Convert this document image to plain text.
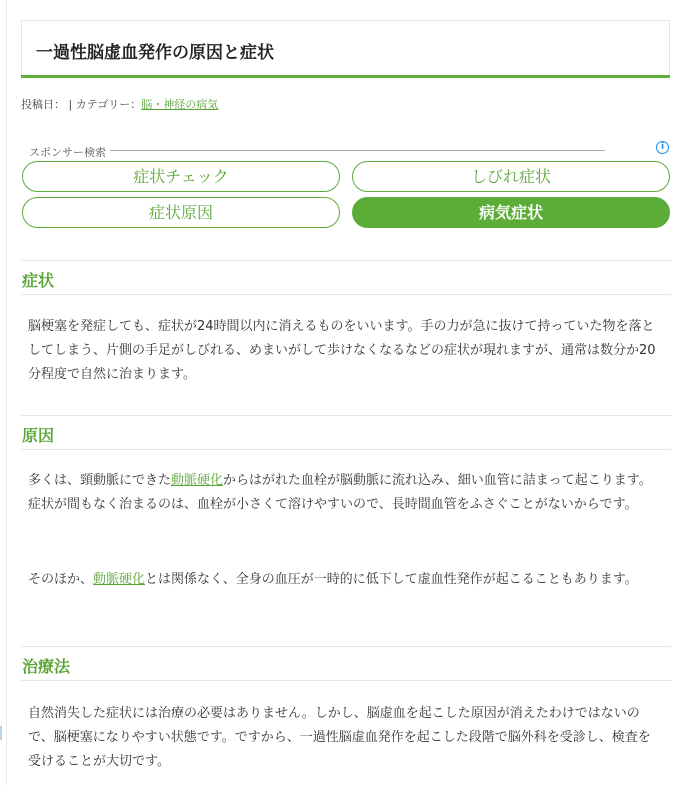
一過性脳虚血発作の原因と症状
投稿日： | カテゴリー：脳・神経の病気
スポンサー検索	i
症状チェック	しびれ症状
症状原因	病気症状
症状

脳梗塞を発症しても、症状が24時間以内に消えるものをいいます。手の力が急に抜けて持っていた物を落としてしまう、片側の手足がしびれる、めまいがして歩けなくなるなどの症状が現れますが、通常は数分か20分程度で自然に治まります。

原因

多くは、頸動脈にできた動脈硬化からはがれた血栓が脳動脈に流れ込み、細い血管に詰まって起こります。症状が間もなく治まるのは、血栓が小さくて溶けやすいので、長時間血管をふさぐことがないからです。

そのほか、動脈硬化とは関係なく、全身の血圧が一時的に低下して虚血性発作が起こることもあります。

治療法

自然消失した症状には治療の必要はありません。しかし、脳虚血を起こした原因が消えたわけではないので、脳梗塞になりやすい状態です。ですから、一過性脳虚血発作を起こした段階で脳外科を受診し、検査を受けることが大切です。
